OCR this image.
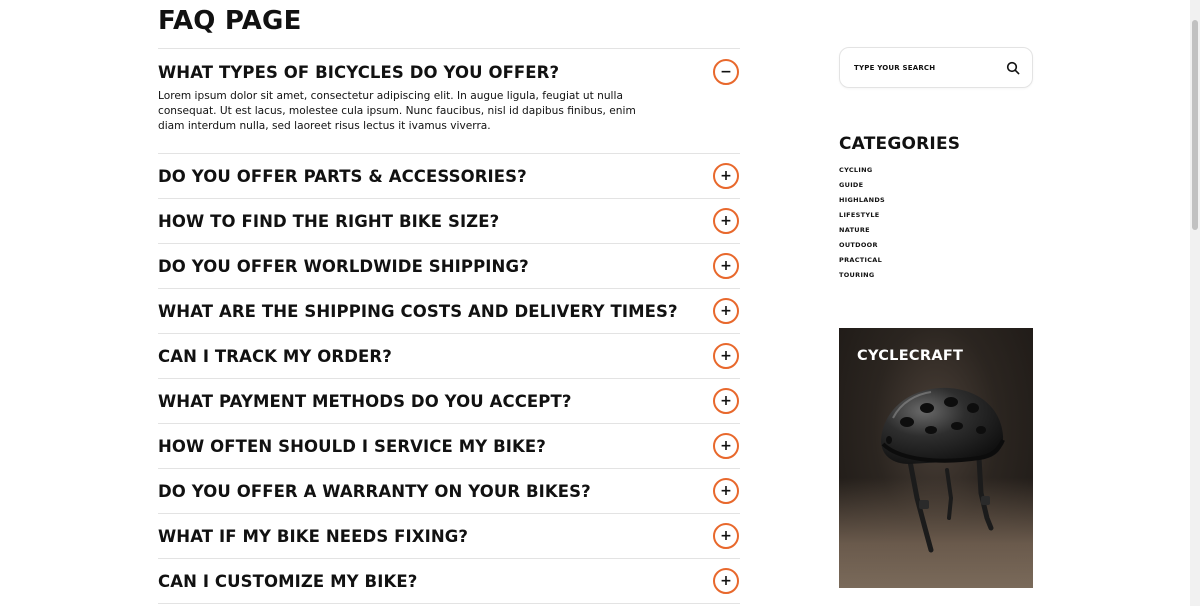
FAQ PAGE
WHAT TYPES OF BICYCLES DO YOU OFFER?	−

Lorem ipsum dolor sit amet, consectetur adipiscing elit. In augue ligula, feugiat ut nulla consequat. Ut est lacus, molestee cula ipsum. Nunc faucibus, nisl id dapibus finibus, enim diam interdum nulla, sed laoreet risus lectus it ivamus viverra.

DO YOU OFFER PARTS & ACCESSORIES?	+
HOW TO FIND THE RIGHT BIKE SIZE?	+
DO YOU OFFER WORLDWIDE SHIPPING?	+
WHAT ARE THE SHIPPING COSTS AND DELIVERY TIMES?	+
CAN I TRACK MY ORDER?	+
WHAT PAYMENT METHODS DO YOU ACCEPT?	+
HOW OFTEN SHOULD I SERVICE MY BIKE?	+
DO YOU OFFER A WARRANTY ON YOUR BIKES?	+
WHAT IF MY BIKE NEEDS FIXING?	+
CAN I CUSTOMIZE MY BIKE?	+
TYPE YOUR SEARCH
CATEGORIES
CYCLING
GUIDE
HIGHLANDS
LIFESTYLE
NATURE
OUTDOOR
PRACTICAL
TOURING
CYCLECRAFT
